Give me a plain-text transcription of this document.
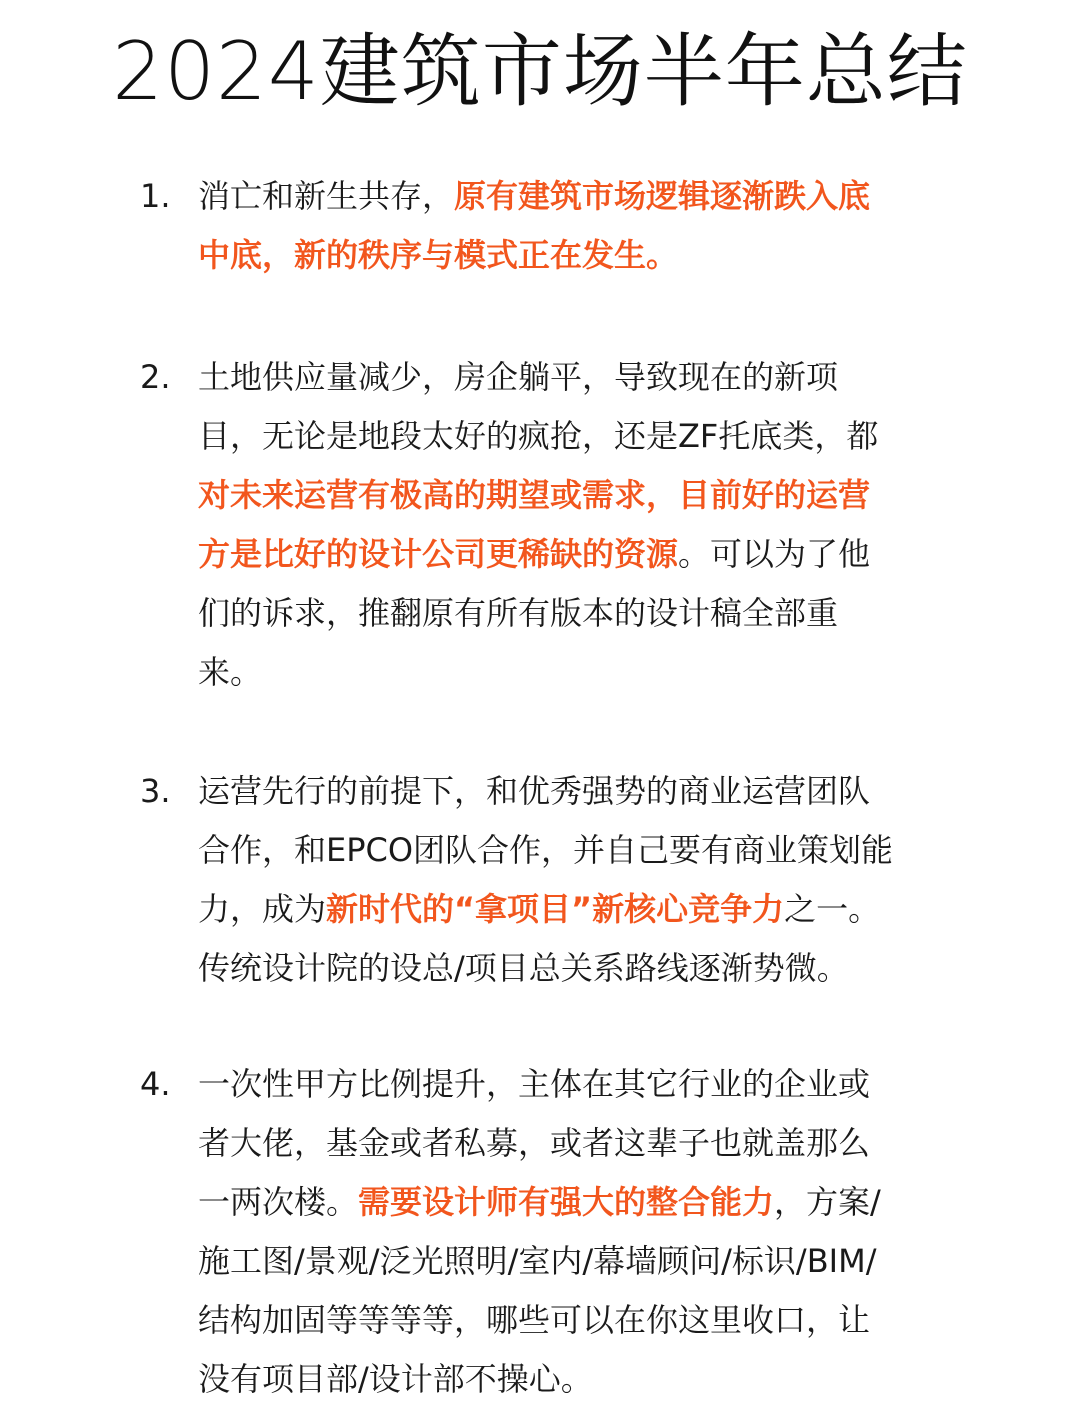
2024建筑市场半年总结
1. 消亡和新生共存，原有建筑市场逻辑逐渐跌入底
中底，新的秩序与模式正在发生。
2. 土地供应量减少，房企躺平，导致现在的新项
目，无论是地段太好的疯抢，还是ZF托底类，都
对未来运营有极高的期望或需求，目前好的运营
方是比好的设计公司更稀缺的资源。可以为了他
们的诉求，推翻原有所有版本的设计稿全部重
来。
3. 运营先行的前提下，和优秀强势的商业运营团队
合作，和EPCO团队合作，并自己要有商业策划能
力，成为新时代的“拿项目”新核心竞争力之一。
传统设计院的设总/项目总关系路线逐渐势微。
4. 一次性甲方比例提升，主体在其它行业的企业或
者大佬，基金或者私募，或者这辈子也就盖那么
一两次楼。需要设计师有强大的整合能力，方案/
施工图/景观/泛光照明/室内/幕墙顾问/标识/BIM/
结构加固等等等等，哪些可以在你这里收口，让
没有项目部/设计部不操心。
